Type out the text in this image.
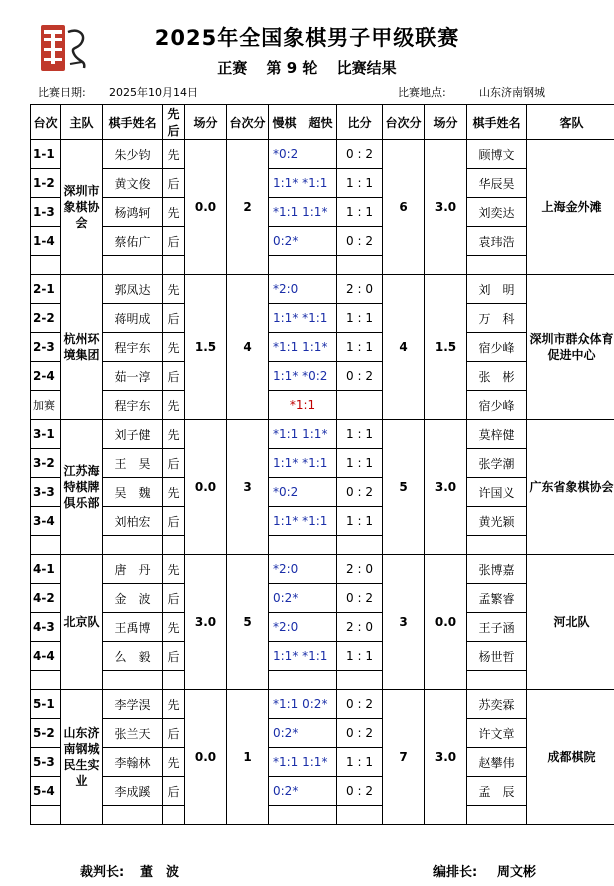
2025年全国象棋男子甲级联赛
正赛 第 9 轮 比赛结果
比赛日期: 2025年10月14日	比赛地点:	山东济南钢城
台次	主队	棋手姓名	先后	场分	台次分	慢棋　超快	比分	台次分	场分	棋手姓名	客队
1-1	深圳市象棋协会	朱少钧	先	0.0	2	*0:2	0 : 2	6	3.0	顾博文	上海金外滩
1-2		黄文俊	后			1:1* *1:1	1 : 1			华辰昊	
1-3		杨鸿轲	先			*1:1 1:1*	1 : 1			刘奕达	
1-4		蔡佑广	后			0:2*	0 : 2			袁玮浩	

2-1	杭州环境集团	郭凤达	先	1.5	4	*2:0	2 : 0	4	1.5	刘　明	深圳市群众体育促进中心
2-2		蒋明成	后			1:1* *1:1	1 : 1			万　科	
2-3		程宇东	先			*1:1 1:1*	1 : 1			宿少峰	
2-4		茹一淳	后			1:1* *0:2	0 : 2			张　彬	
加赛		程宇东	先			*1:1				宿少峰	
3-1	江苏海特棋牌俱乐部	刘子健	先	0.0	3	*1:1 1:1*	1 : 1	5	3.0	莫梓健	广东省象棋协会
3-2		王　昊	后			1:1* *1:1	1 : 1			张学潮	
3-3		吴　魏	先			*0:2	0 : 2			许国义	
3-4		刘柏宏	后			1:1* *1:1	1 : 1			黄光颖	

4-1	北京队	唐　丹	先	3.0	5	*2:0	2 : 0	3	0.0	张博嘉	河北队
4-2		金　波	后			0:2*	0 : 2			孟繁睿	
4-3		王禹博	先			*2:0	2 : 0			王子涵	
4-4		么　毅	后			1:1* *1:1	1 : 1			杨世哲	

5-1	山东济南钢城民生实业	李学淏	先	0.0	1	*1:1 0:2*	0 : 2	7	3.0	苏奕霖	成都棋院
5-2		张兰天	后			0:2*	0 : 2			许文章	
5-3		李翰林	先			*1:1 1:1*	1 : 1			赵攀伟	
5-4		李成蹊	后			0:2*	0 : 2			孟　辰	

裁判长: 董　波	编排长: 周文彬
